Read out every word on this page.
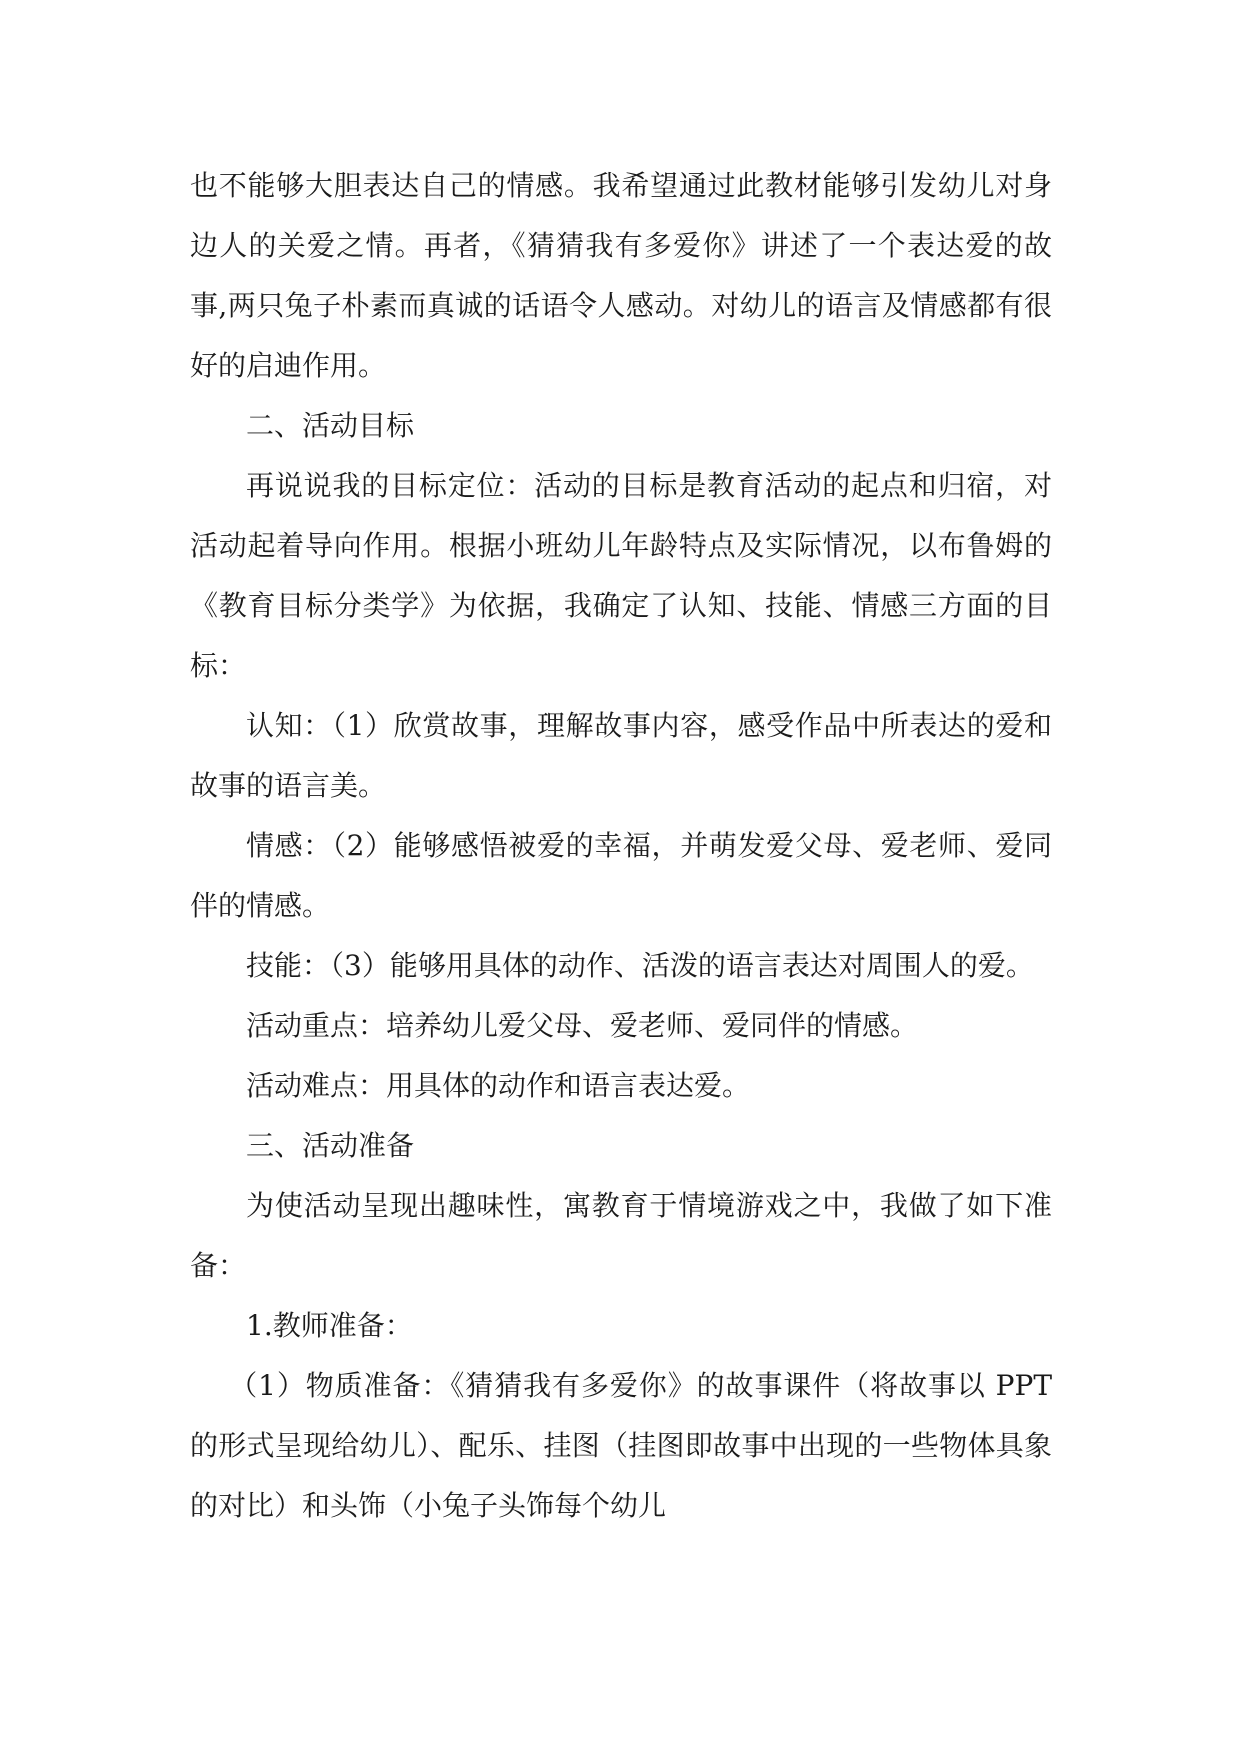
也不能够大胆表达自己的情感。我希望通过此教材能够引发幼儿对身边人的关爱之情。再者，《猜猜我有多爱你》讲述了一个表达爱的故事,两只兔子朴素而真诚的话语令人感动。对幼儿的语言及情感都有很好的启迪作用。

二、活动目标

再说说我的目标定位：活动的目标是教育活动的起点和归宿，对活动起着导向作用。根据小班幼儿年龄特点及实际情况，以布鲁姆的《教育目标分类学》为依据，我确定了认知、技能、情感三方面的目标：

认知：（1）欣赏故事，理解故事内容，感受作品中所表达的爱和故事的语言美。

情感：（2）能够感悟被爱的幸福，并萌发爱父母、爱老师、爱同伴的情感。

技能：（3）能够用具体的动作、活泼的语言表达对周围人的爱。

活动重点：培养幼儿爱父母、爱老师、爱同伴的情感。

活动难点：用具体的动作和语言表达爱。

三、活动准备

为使活动呈现出趣味性，寓教育于情境游戏之中，我做了如下准备：

1.教师准备：

（1）物质准备：《猜猜我有多爱你》的故事课件（将故事以 PPT 的形式呈现给幼儿）、配乐、挂图（挂图即故事中出现的一些物体具象的对比）和头饰（小兔子头饰每个幼儿
